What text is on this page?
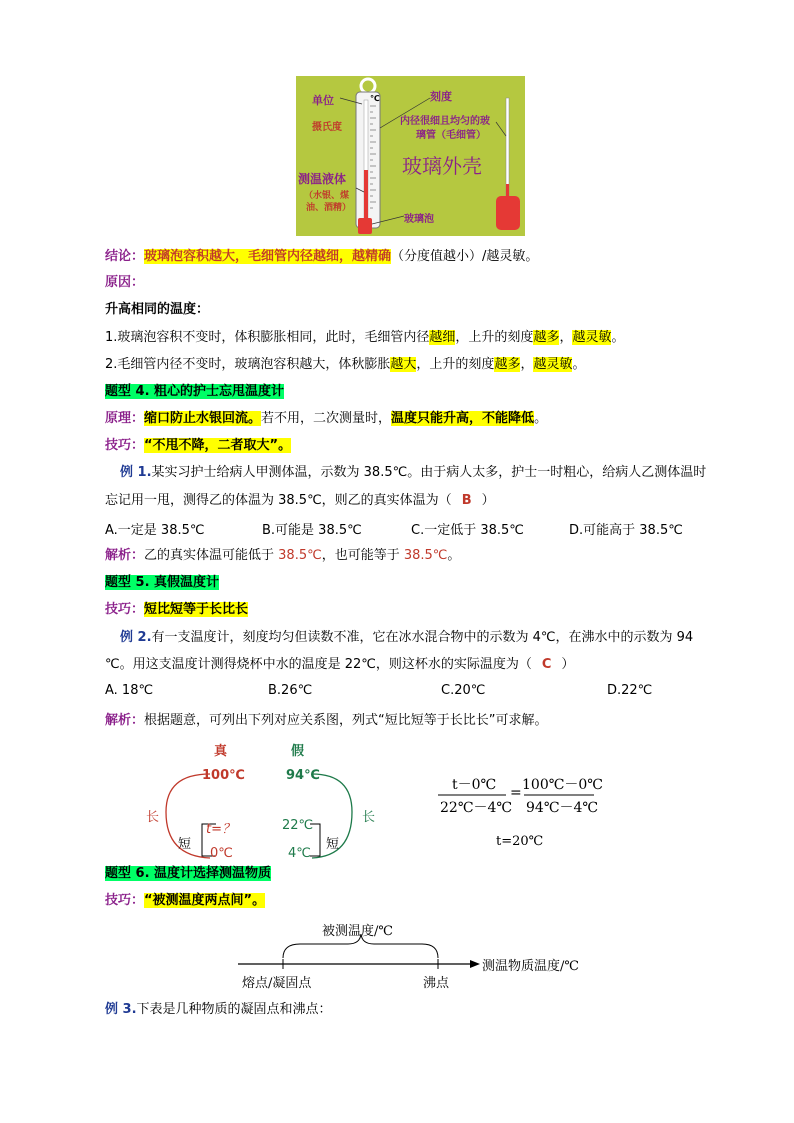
单位	℃	刻度
摄氏度
内径很细且均匀的玻
璃管（毛细管）
玻璃外壳
测温液体
（水银、煤
油、酒精）
玻璃泡
结论：玻璃泡容积越大，毛细管内径越细，越精确（分度值越小）/越灵敏。
原因：
升高相同的温度：
1.玻璃泡容积不变时，体积膨胀相同，此时，毛细管内径越细，上升的刻度越多，越灵敏。
2.毛细管内径不变时，玻璃泡容积越大，体秋膨胀越大，上升的刻度越多，越灵敏。
题型 4. 粗心的护士忘甩温度计
原理：缩口防止水银回流。若不用，二次测量时，温度只能升高，不能降低。
技巧：“不甩不降，二者取大”。
例 1.某实习护士给病人甲测体温，示数为 38.5℃。由于病人太多，护士一时粗心，给病人乙测体温时
忘记用一甩，测得乙的体温为 38.5℃，则乙的真实体温为（ B ）
A.一定是 38.5℃	B.可能是 38.5℃	C.一定低于 38.5℃	D.可能高于 38.5℃
解析：乙的真实体温可能低于 38.5℃，也可能等于 38.5℃。
题型 5. 真假温度计
技巧：短比短等于长比长
例 2.有一支温度计，刻度均匀但读数不准，它在冰水混合物中的示数为 4℃，在沸水中的示数为 94
℃。用这支温度计测得烧杯中水的温度是 22℃，则这杯水的实际温度为（ C ）
A. 18℃	B.26℃	C.20℃	D.22℃
解析：根据题意，可列出下列对应关系图，列式“短比短等于长比长”可求解。
真	假
100℃	94℃
长	长
t=？	22℃
短	短
0℃	4℃
t－0℃
22℃－4℃
= 100℃－0℃
94℃－4℃
t=20℃
题型 6. 温度计选择测温物质
技巧：“被测温度两点间”。
被测温度/℃
熔点/凝固点	沸点
测温物质温度/℃
例 3.下表是几种物质的凝固点和沸点：
